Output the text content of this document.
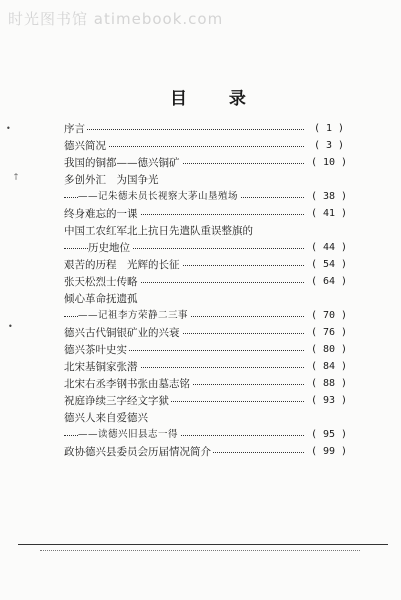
时光图书馆 atimebook.com
目 录
•
†
•
序言	( 1 )
德兴简况	( 3 )
我国的铜都——德兴铜矿	( 10 )
多创外汇　为国争光
——记朱德未员长视察大茅山垦殖场	( 38 )
终身难忘的一课	( 41 )
中国工农红军北上抗日先遣队重误整旗的
历史地位	( 44 )
艰苦的历程　光辉的长征	( 54 )
张天松烈士传略	( 64 )
倾心革命抚遗孤
——记祖李方荣静二三事	( 70 )
德兴古代铜银矿业的兴衰	( 76 )
德兴茶叶史实	( 80 )
北宋基铜家张潜	( 84 )
北宋右丞李钢书张由墓志铭	( 88 )
祝庭诤续三字经文字狱	( 93 )
德兴人来自爱德兴
——读德兴旧县志一得	( 95 )
政协德兴县委员会历届情况简介	( 99 )
